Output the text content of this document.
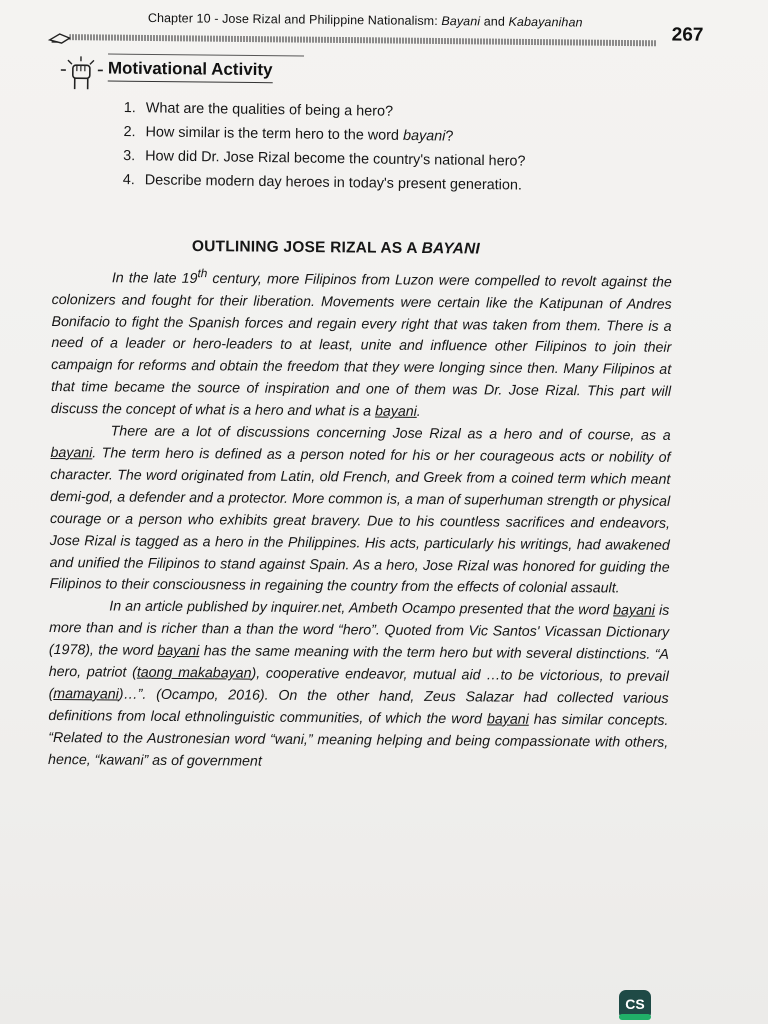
Chapter 10 - Jose Rizal and Philippine Nationalism: Bayani and Kabayanihan
267
Motivational Activity
1. What are the qualities of being a hero?
2. How similar is the term hero to the word bayani?
3. How did Dr. Jose Rizal become the country's national hero?
4. Describe modern day heroes in today's present generation.
OUTLINING JOSE RIZAL AS A BAYANI

In the late 19th century, more Filipinos from Luzon were compelled to revolt against the colonizers and fought for their liberation. Movements were certain like the Katipunan of Andres Bonifacio to fight the Spanish forces and regain every right that was taken from them. There is a need of a leader or hero-leaders to at least, unite and influence other Filipinos to join their campaign for reforms and obtain the freedom that they were longing since then. Many Filipinos at that time became the source of inspiration and one of them was Dr. Jose Rizal. This part will discuss the concept of what is a hero and what is a bayani.

There are a lot of discussions concerning Jose Rizal as a hero and of course, as a bayani. The term hero is defined as a person noted for his or her courageous acts or nobility of character. The word originated from Latin, old French, and Greek from a coined term which meant demi-god, a defender and a protector. More common is, a man of superhuman strength or physical courage or a person who exhibits great bravery. Due to his countless sacrifices and endeavors, Jose Rizal is tagged as a hero in the Philippines. His acts, particularly his writings, had awakened and unified the Filipinos to stand against Spain. As a hero, Jose Rizal was honored for guiding the Filipinos to their consciousness in regaining the country from the effects of colonial assault.

In an article published by inquirer.net, Ambeth Ocampo presented that the word bayani is more than and is richer than a than the word “hero”. Quoted from Vic Santos' Vicassan Dictionary (1978), the word bayani has the same meaning with the term hero but with several distinctions. “A hero, patriot (taong makabayan), cooperative endeavor, mutual aid …to be victorious, to prevail (mamayani)…”. (Ocampo, 2016). On the other hand, Zeus Salazar had collected various definitions from local ethnolinguistic communities, of which the word bayani has similar concepts. “Related to the Austronesian word “wani,” meaning helping and being compassionate with others, hence, “kawani” as of government

CS
